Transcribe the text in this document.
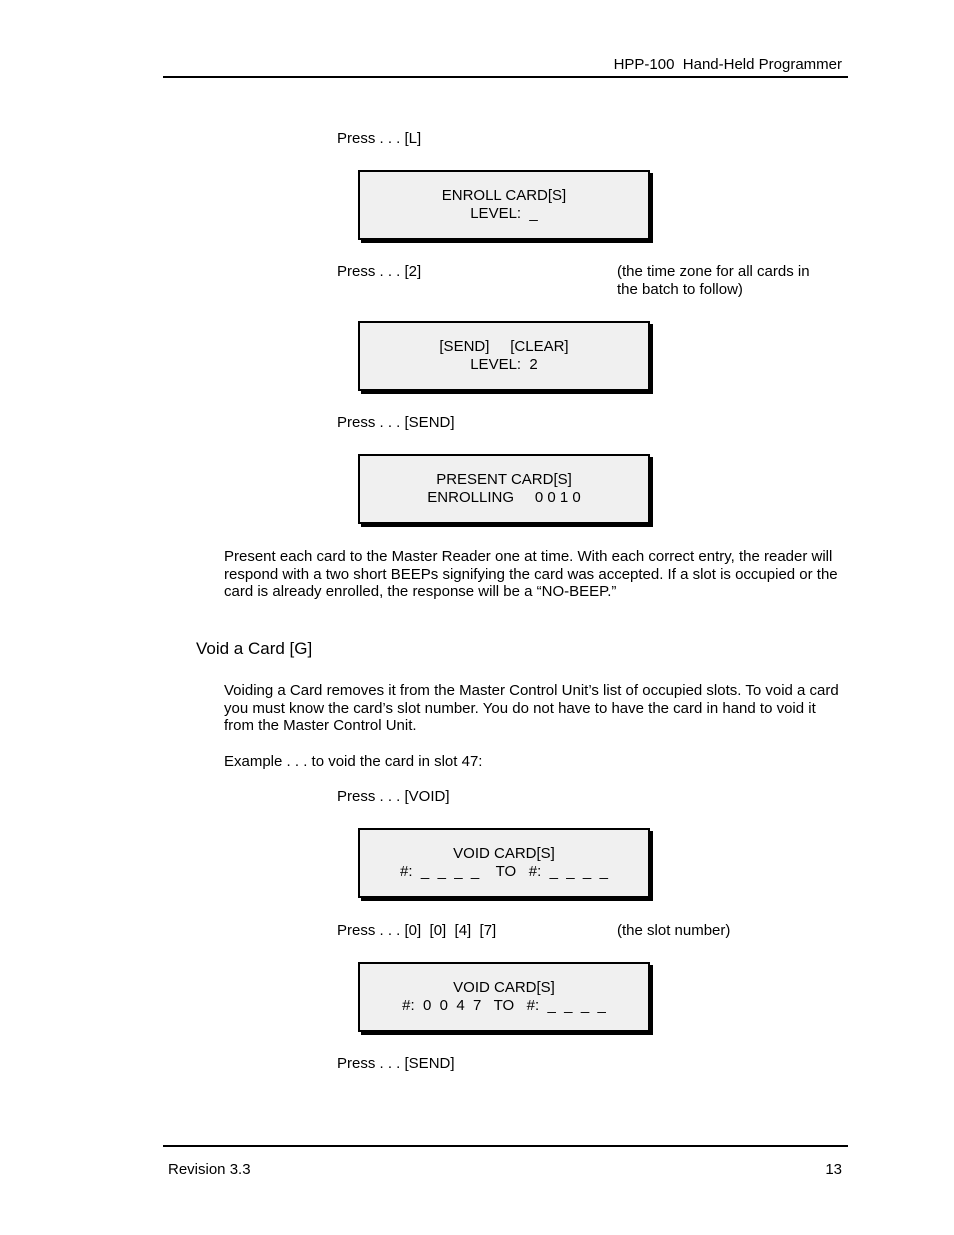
HPP-100  Hand-Held Programmer
Press . . . [L]
ENROLL CARD[S]
LEVEL:  _
Press . . . [2]	(the time zone for all cards in
the batch to follow)
[SEND]     [CLEAR]
LEVEL:  2
Press . . . [SEND]
PRESENT CARD[S]
ENROLLING     0 0 1 0
Present each card to the Master Reader one at time. With each correct entry, the reader will respond with a two short BEEPs signifying the card was accepted. If a slot is occupied or the card is already enrolled, the response will be a “NO-BEEP.”
Void a Card [G]
Voiding a Card removes it from the Master Control Unit’s list of occupied slots. To void a card you must know the card’s slot number. You do not have to have the card in hand to void it from the Master Control Unit.
Example . . . to void the card in slot 47:
Press . . . [VOID]
VOID CARD[S]
#:  _  _  _  _    TO   #:  _  _  _  _
Press . . . [0]  [0]  [4]  [7]	(the slot number)
VOID CARD[S]
#:  0  0  4  7   TO   #:  _  _  _  _
Press . . . [SEND]
Revision 3.3	13
